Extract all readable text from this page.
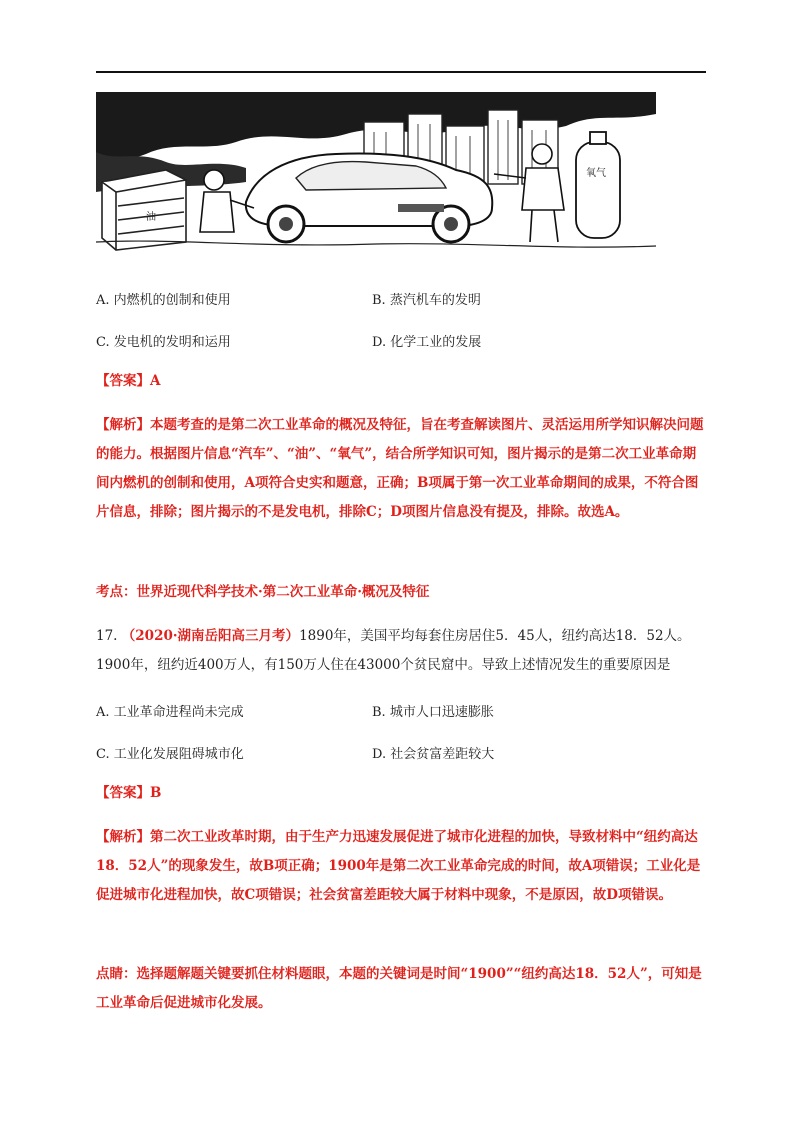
油
氧气
A. 内燃机的创制和使用	B. 蒸汽机车的发明
C. 发电机的发明和运用	D. 化学工业的发展
【答案】A
【解析】本题考查的是第二次工业革命的概况及特征，旨在考查解读图片、灵活运用所学知识解决问题的能力。根据图片信息“汽车”、“油”、“氧气”，结合所学知识可知，图片揭示的是第二次工业革命期间内燃机的创制和使用，A项符合史实和题意，正确；B项属于第一次工业革命期间的成果，不符合图片信息，排除；图片揭示的不是发电机，排除C；D项图片信息没有提及，排除。故选A。
考点：世界近现代科学技术·第二次工业革命·概况及特征
17. （2020·湖南岳阳高三月考）1890年，美国平均每套住房居住5．45人，纽约高达18．52人。1900年，纽约近400万人，有150万人住在43000个贫民窟中。导致上述情况发生的重要原因是
A. 工业革命进程尚未完成	B. 城市人口迅速膨胀
C. 工业化发展阻碍城市化	D. 社会贫富差距较大
【答案】B
【解析】第二次工业改革时期，由于生产力迅速发展促进了城市化进程的加快，导致材料中“纽约高达18．52人”的现象发生，故B项正确；1900年是第二次工业革命完成的时间，故A项错误；工业化是促进城市化进程加快，故C项错误；社会贫富差距较大属于材料中现象，不是原因，故D项错误。
点睛：选择题解题关键要抓住材料题眼，本题的关键词是时间“1900”“纽约高达18．52人”，可知是工业革命后促进城市化发展。
